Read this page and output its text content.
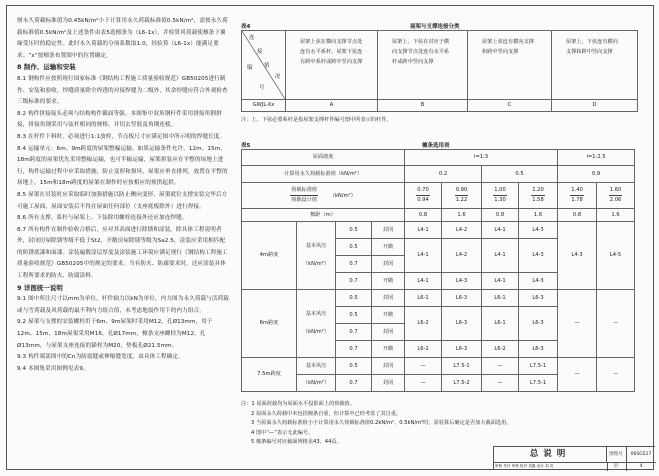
層永久荷載标准值为0.45kN/m²小于计算用永久荷载标准值0.5kN/m²，需按永久荷载标准值0.5kN/m²及上述条件由表5选檩条为（L6-1x），并检算风荷载使檩条下翼缘受压时的稳定性。此时永久荷载的分项系数取1.0，经验算（L6-1x）能满足要求。“x”按檩条布置图中的位置确定。

8 制作、运输和安装

8.1 钢构件应按照现行国家标准《钢结构工程施工质量验收规范》GB50205进行制作、安装和验收。焊缝质量除全焊透的对接焊缝为二级外，其余焊缝应符合外观检查三级标准的要求。

8.2 构件拼接接头必须与结构构件截面等强。本图集中双角钢杆件采用拼接角钢拼接，拼接角钢采用与弦杆相同的规格，并切去竖肢及角钢连棱。

8.3 在杆件下料时，必须进行1:1放样，节点板尺寸应满足图中所示明的焊缝长度。

8.4 运输单元：6m、9m跨度的屋架整榀运输。如果运输条件允许，12m、15m、18m跨度的屋架优先采用整榀运输，也可半榀运输，屋架拼装应在平整的场地上进行，构件运输过程中应采取措施，防止变形和损坏，屋架应垂直排列，放置在平整的场地上，15m和18m跨度的屋架在制作时应按相应的预拱起拱。

8.5 屋架在吊装时应采取临时加强措施以防止侧向变形，屋架就位支撑安装完毕后方可施工屋面，屋面安装后不得在屋面任何部位（支座底板除外）进行焊接。

8.6 所有支撑、系杆与屋架上、下弦除用螺栓连接外还应加连焊缝。

8.7 所有构件在制作验收合格后，应对其表面进行除锈和涂装。除具体工程说明者外，封闭房屋除锈等级不低于St2，开敞房屋除锈等级为Sa2.5，涂装应采用相匹配的防锈底漆和面漆。涂装遍数涂层厚度及涂装施工环境应满足现行《钢结构工程施工质量验收规范》GB50205中的规定的要求。当有防火、防腐要求时，还应涂装具体工程所要求的防火、防腐涂料。

9 详图统一说明

9.1 图中所注尺寸以mm为单位，杆件轴力以kN为单位，内力图为永久荷载与活荷载或与雪荷载及风荷载的最不利内力组合值，未考虑地震作用下的内力组合。

9.2 屋架与支撑的安装螺栓用于6m、9m屋架时采用M12，孔Ø13mm，用于12m、15m、18m屋架采用M16，孔Ø17mm，檩条支座螺栓为M12，孔Ø13mm，与屋架支座连接的锚栓为M20，垫板孔Ø21.5mm。

9.3 构件端部图中的Cn为防震缝或伸缩缝宽度，由具体工程确定。

9.4 本图集采用图例见表9。

表4	屋架与支撑连接分类
连
接
情
况
编
号
	屋架上弦在横向支撑节点处连有水平系杆，屋架下弦连有跨中系杆或跨中竖向支撑	屋架上、下弦在对应于横向支撑节点处连有水平系杆或跨中竖向支撑	屋架上弦连有横向支撑和跨中竖向支撑	屋架上、下弦连有横向支撑和跨中竖向支撑
GWJL-Xx	A	B	C	D
注：上、下弦必要系杆是指屋架支撑杆件编号图中所表示的杆件。
表5	檩条选用表
屋面坡度				i=1:3				i=1:2.5	
计算用永久荷载标准值（kN/m²）				0.2		0.5		0.9	

$\frac{\text{荷载标准值}}{\text{荷载设计值}} (kN/m^2)$				$\frac{0.70}{0.94}$	$\frac{0.90}{1.22}$	$\frac{1.00}{1.30}$	$\frac{1.20}{1.58}$	$\frac{1.40}{1.78}$	$\frac{1.60}{2.06}$
檩距（m）				0.8	1.6	0.8	1.6	0.8	1.6
4m跨度	基本风压

（kN/m²）	0.5	封闭	L4-1	L4-2	L4-1	L4-3	L4-3	L4-5
		0.5	开敞	L4-1	L4-2	L4-1	L4-3		
		0.7	封闭						
		0.7	开敞	L4-1	L4-3	L4-1	L4-3		
6m跨度	基本风压

（kN/m²）	0.5	封闭	L6-1	L6-3	L6-1	L6-3	—	—
		0.5	开敞	L6-2	L6-3	L6-1	L6-3		
		0.7	封闭						
		0.7	开敞	L6-2	L6-3	L6-2	L6-3		
7.5m跨度	基本风压	0.5	封闭	—	L7.5-1	—	L7.5-1	—	—
	（kN/m²）	0.7	封闭	—	L7.5-2	—	L7.5-1		

注：1 屋面荷载均为屋面水平投影面上的荷载值。

2 屋面永久荷载中未包括檩条自重，但计算中已经考虑了其自重。

3 当屋面永久荷载标准值小于计算用永久荷载标准值0.2kN/m²、0.5kN/m²时，需验算后确定是否加大截面选用。

4 图中“—”表示无此编号。

5 檩条编号对应截面规格见43、44页。

总说明	图集号	06SG517
审核 朱丹 审核 校对 刘鑫 设计 刘 页	页	4
